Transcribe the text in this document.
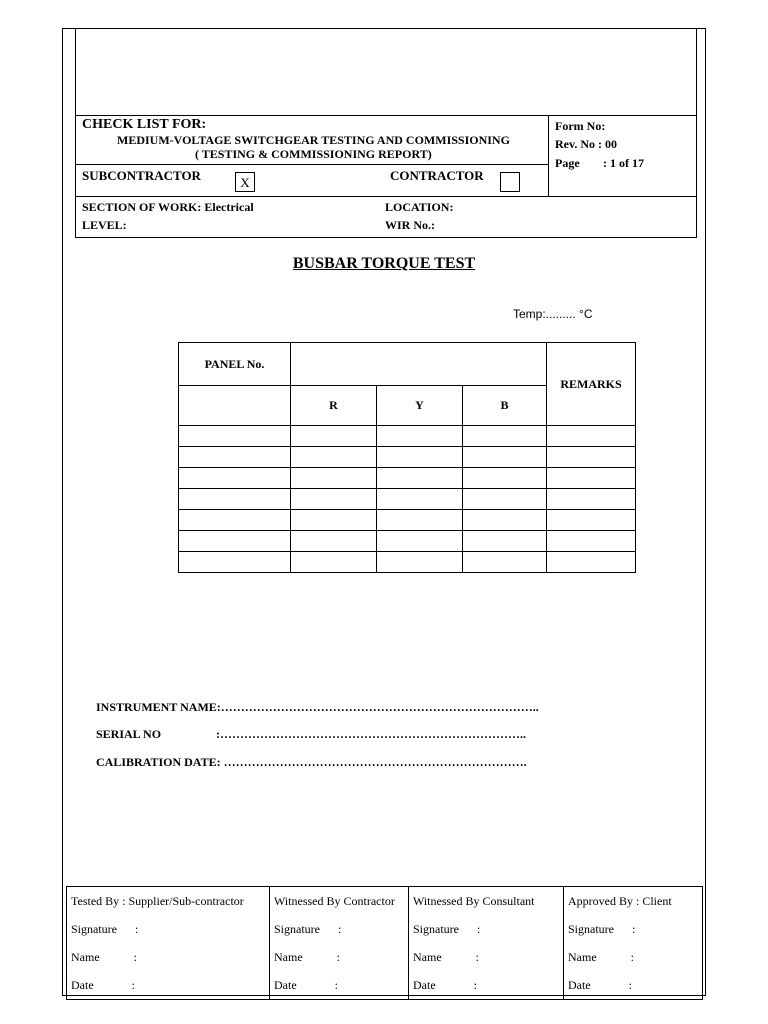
CHECK LIST FOR:
MEDIUM-VOLTAGE SWITCHGEAR TESTING AND COMMISSIONING
( TESTING & COMMISSIONING REPORT)
Form No:
Rev. No : 00
Page : 1 of 17
SUBCONTRACTOR	X	CONTRACTOR
SECTION OF WORK: Electrical	LOCATION:
LEVEL:	WIR No.:
BUSBAR TORQUE TEST
Temp:......... °C
PANEL No.				REMARKS
	R	Y	B	

INSTRUMENT NAME:……………………………………………………………………..
SERIAL NO	:…………………………………………………………………..
CALIBRATION DATE: ………………………………………………………………….
Tested By : Supplier/Sub-contractor	Witnessed By Contractor	Witnessed By Consultant	Approved By : Client
Signature :	Signature :	Signature :	Signature :
Name :	Name :	Name :	Name :
Date :	Date :	Date :	Date :
